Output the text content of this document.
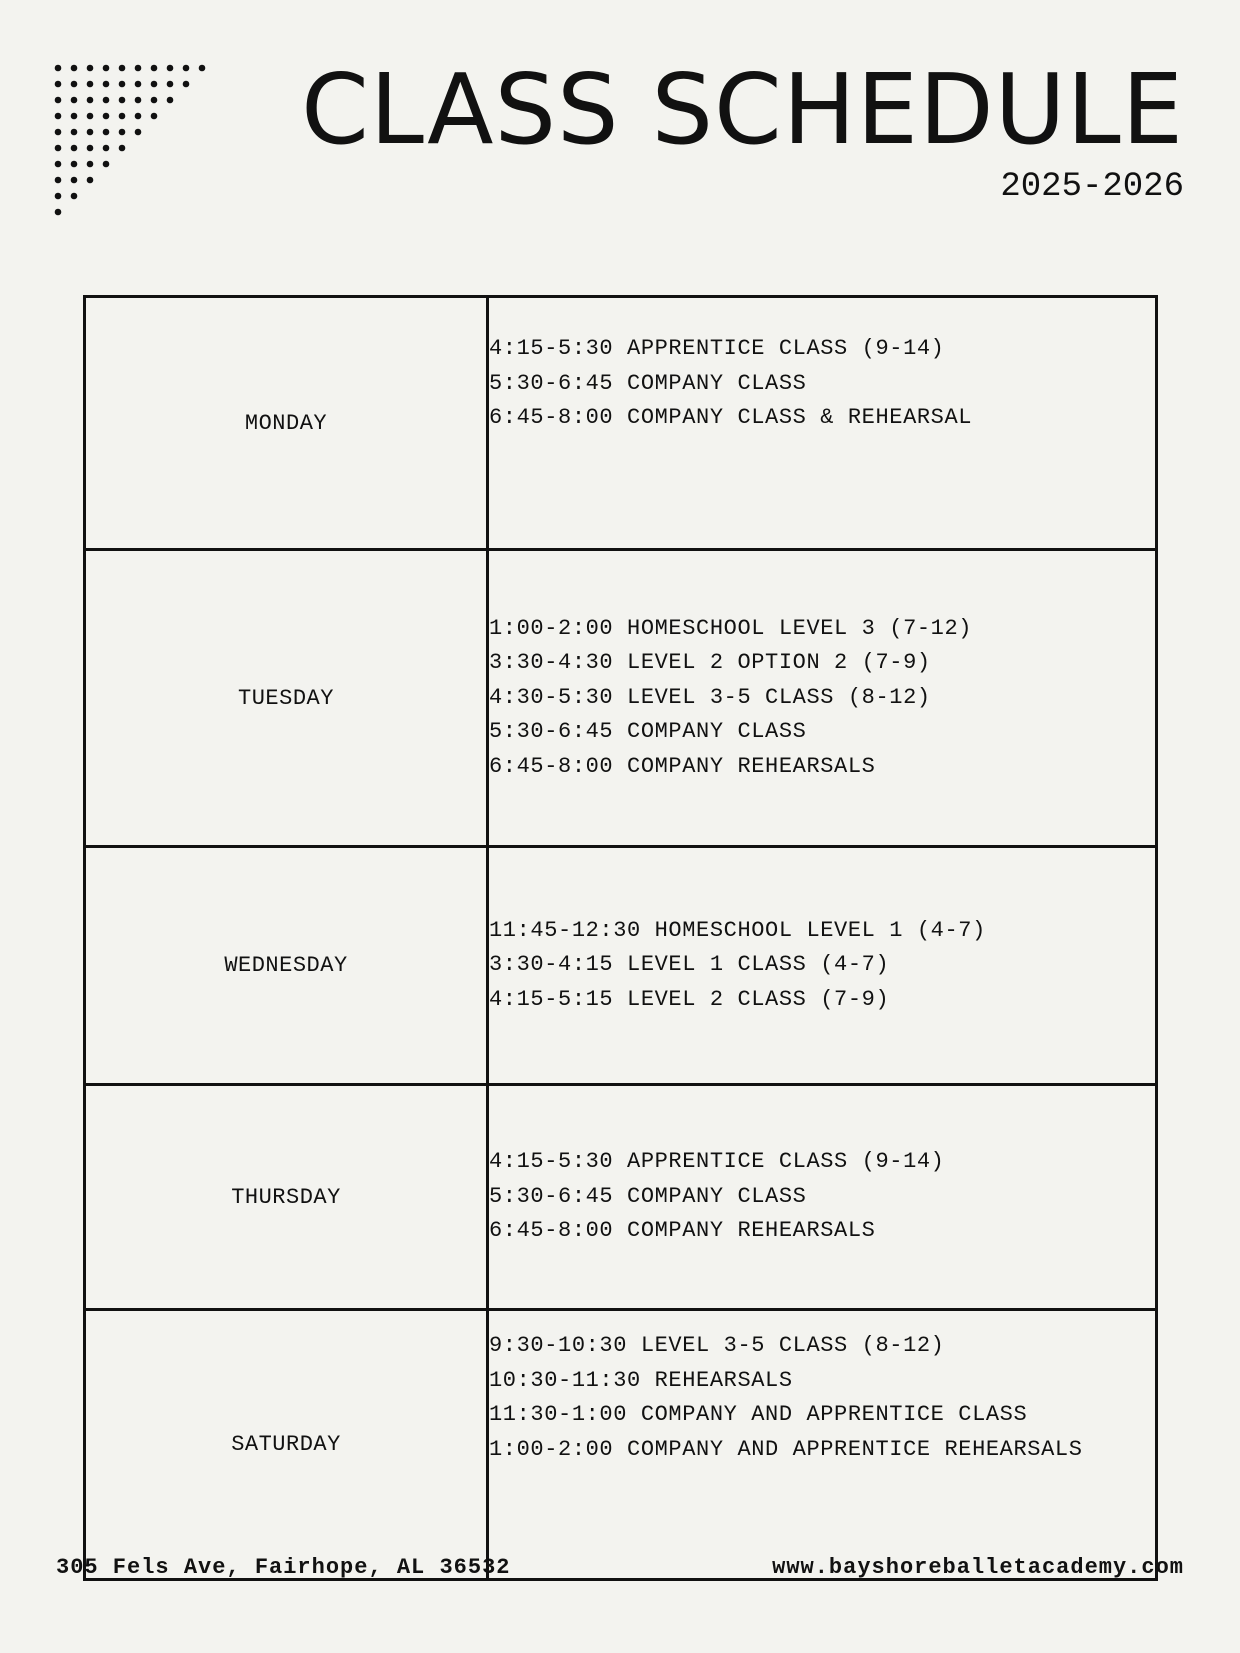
CLASS SCHEDULE
2025-2026
MONDAY	4:15-5:30 APPRENTICE CLASS (9-14)
5:30-6:45 COMPANY CLASS
6:45-8:00 COMPANY CLASS & REHEARSAL

TUESDAY	1:00-2:00 HOMESCHOOL LEVEL 3 (7-12)
3:30-4:30 LEVEL 2 OPTION 2 (7-9)
4:30-5:30 LEVEL 3-5 CLASS (8-12)
5:30-6:45 COMPANY CLASS
6:45-8:00 COMPANY REHEARSALS

WEDNESDAY	11:45-12:30 HOMESCHOOL LEVEL 1 (4-7)
3:30-4:15 LEVEL 1 CLASS (4-7)
4:15-5:15 LEVEL 2 CLASS (7-9)

THURSDAY	4:15-5:30 APPRENTICE CLASS (9-14)
5:30-6:45 COMPANY CLASS
6:45-8:00 COMPANY REHEARSALS

SATURDAY	9:30-10:30 LEVEL 3-5 CLASS (8-12)
10:30-11:30 REHEARSALS
11:30-1:00 COMPANY AND APPRENTICE CLASS
1:00-2:00 COMPANY AND APPRENTICE REHEARSALS
305 Fels Ave, Fairhope, AL 36532	www.bayshoreballetacademy.com
